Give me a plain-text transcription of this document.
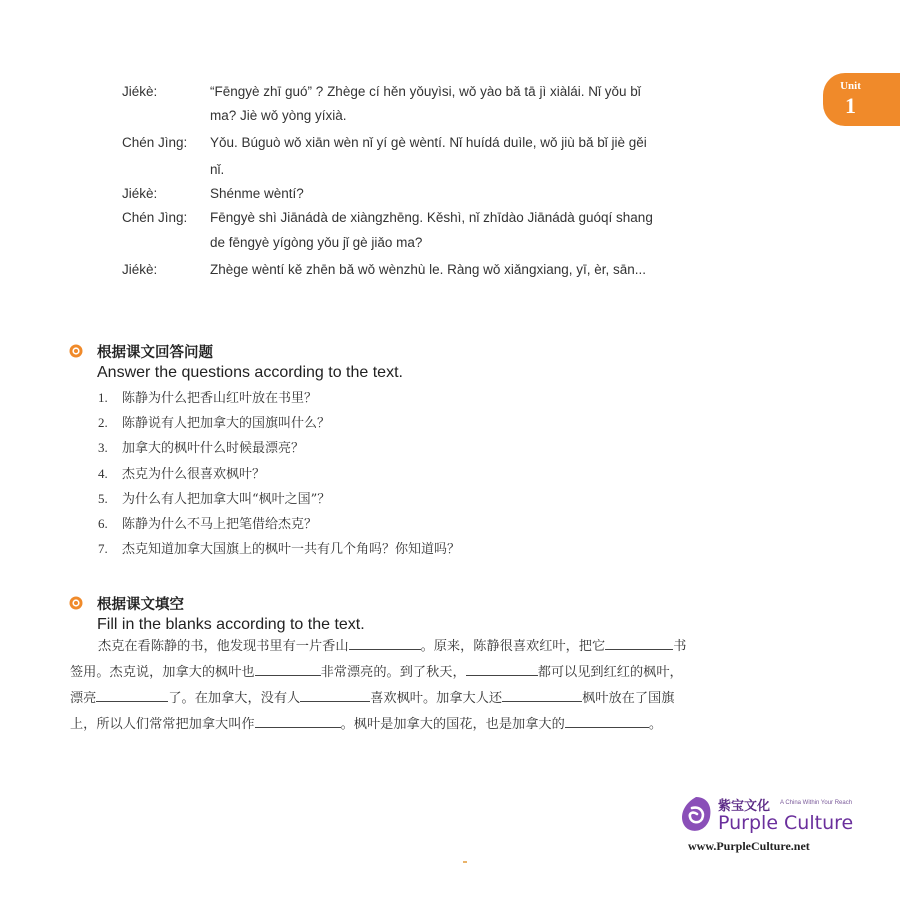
Unit
1
Jiékè:	“Fēngyè zhī guó” ? Zhège cí hěn yǒuyìsi, wǒ yào bǎ tā jì xiàlái. Nǐ yǒu bǐ
ma? Jiè wǒ yòng yíxià.
Chén Jìng: Yǒu. Búguò wǒ xiān wèn nǐ yí gè wèntí. Nǐ huídá duìle, wǒ jiù bǎ bǐ jiè gěi
nǐ.
Jiékè:	Shénme wèntí?
Chén Jìng: Fēngyè shì Jiānádà de xiàngzhēng. Kěshì, nǐ zhīdào Jiānádà guóqí shang
de fēngyè yígòng yǒu jǐ gè jiǎo ma?
Jiékè:	Zhège wèntí kě zhēn bǎ wǒ wènzhù le. Ràng wǒ xiǎngxiang, yī, èr, sān...
根据课文回答问题
Answer the questions according to the text.
1. 陈静为什么把香山红叶放在书里？
2. 陈静说有人把加拿大的国旗叫什么？
3. 加拿大的枫叶什么时候最漂亮？
4. 杰克为什么很喜欢枫叶？
5. 为什么有人把加拿大叫“枫叶之国”？
6. 陈静为什么不马上把笔借给杰克？
7. 杰克知道加拿大国旗上的枫叶一共有几个角吗？你知道吗？
根据课文填空
Fill in the blanks according to the text.
杰克在看陈静的书，他发现书里有一片香山	。原来，陈静很喜欢红叶，把它	书
签用。杰克说，加拿大的枫叶也	非常漂亮的。到了秋天，	都可以见到红红的枫叶，
漂亮	了。在加拿大，没有人	喜欢枫叶。加拿大人还	枫叶放在了国旗
上，所以人们常常把加拿大叫作	。枫叶是加拿大的国花，也是加拿大的	。
紫宝文化 A China Within Your Reach
Purple Culture
www.PurpleCulture.net
